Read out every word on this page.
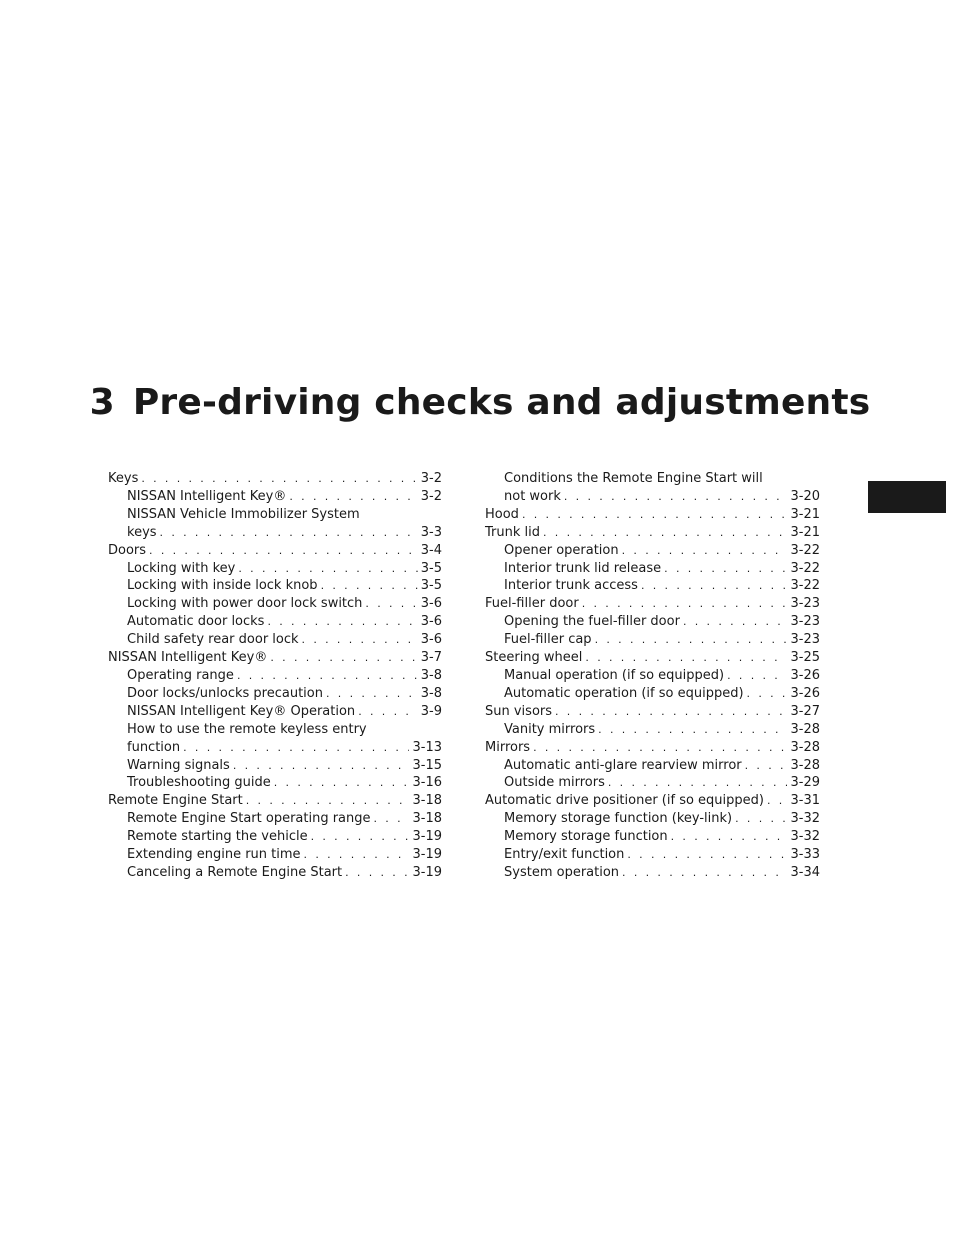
3 Pre-driving checks and adjustments
Keys . . .	3-2
NISSAN Intelligent Key® . . .	3-2
NISSAN Vehicle Immobilizer System
keys . . .	3-3
Doors . . .	3-4
Locking with key . . .	3-5
Locking with inside lock knob . . .	3-5
Locking with power door lock switch . . .	3-6
Automatic door locks . . .	3-6
Child safety rear door lock . . .	3-6
NISSAN Intelligent Key® . . .	3-7
Operating range . . .	3-8
Door locks/unlocks precaution . . .	3-8
NISSAN Intelligent Key® Operation . . .	3-9
How to use the remote keyless entry
function . . .	3-13
Warning signals . . .	3-15
Troubleshooting guide . . .	3-16
Remote Engine Start . . .	3-18
Remote Engine Start operating range . . .	3-18
Remote starting the vehicle . . .	3-19
Extending engine run time . . .	3-19
Canceling a Remote Engine Start . . .	3-19
Conditions the Remote Engine Start will
not work . . .	3-20
Hood . . .	3-21
Trunk lid . . .	3-21
Opener operation . . .	3-22
Interior trunk lid release . . .	3-22
Interior trunk access . . .	3-22
Fuel-filler door . . .	3-23
Opening the fuel-filler door . . .	3-23
Fuel-filler cap . . .	3-23
Steering wheel . . .	3-25
Manual operation (if so equipped) . . .	3-26
Automatic operation (if so equipped) . . .	3-26
Sun visors . . .	3-27
Vanity mirrors . . .	3-28
Mirrors . . .	3-28
Automatic anti-glare rearview mirror . . .	3-28
Outside mirrors . . .	3-29
Automatic drive positioner (if so equipped) . . . 3-31
Memory storage function (key-link) . . .	3-32
Memory storage function . . .	3-32
Entry/exit function . . .	3-33
System operation . . .	3-34
